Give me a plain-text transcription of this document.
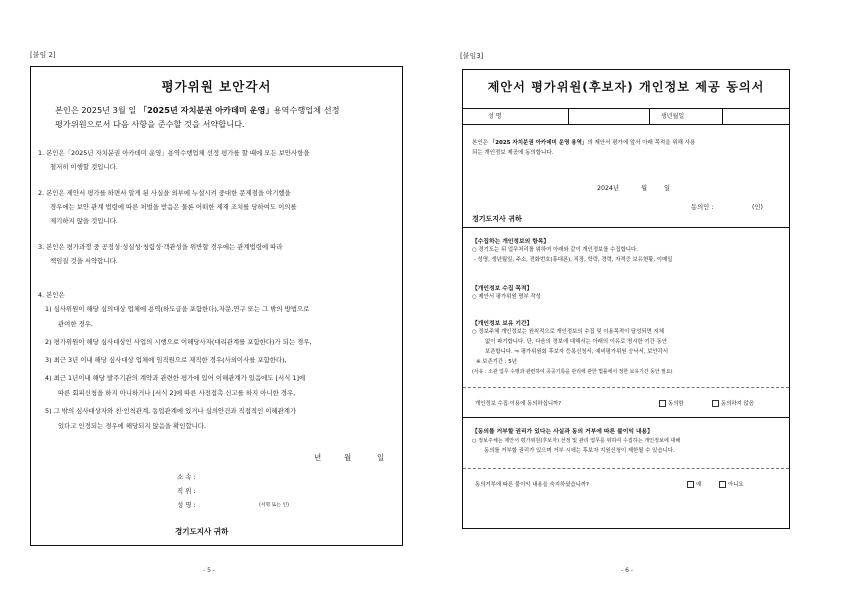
[붙임 2]
평가위원 보안각서
본인은 2025년 3월 일 「2025년 자치분권 아카데미 운영」용역수행업체 선정
평가위원으로서 다음 사항을 준수할 것을 서약합니다.
1. 본인은「2025년 자치분권 아카데미 운영」용역수행업체 선정 평가를 할 때에 모든 보안사항을
철저히 이행할 것입니다.
2. 본인은 제안서 평가를 하면서 알게 된 사실을 외부에 누설시켜 중대한 문제점을 야기했을
경우에는 보안 관계 법령에 따른 처벌을 받음은 물론 어떠한 제재 조치를 당하여도 이의를
제기하지 않을 것입니다.
3. 본인은 평가과정 중 공정성·성실성·청렴성·객관성을 위반할 경우에는 관계법령에 따라
책임질 것을 서약합니다.
4. 본인은
1) 심사위원이 해당 심의대상 업체에 용역(하도급을 포함한다),자문,연구 또는 그 밖의 방법으로
관여한 경우,
2) 평가위원이 해당 심사대상인 사업의 시행으로 이해당사자(대리관계를 포함한다)가 되는 경우,
3) 최근 3년 이내 해당 심사대상 업체에 임직원으로 재직한 경우(사외이사를 포함한다),
4) 최근 1년이내 해당 발주기관의 계약과 관련한 평가에 있어 이해관계가 있음에도 [서식 1]에
따른 회피신청을 하지 아니하거나 [서식 2]에 따른 사전접촉 신고를 하지 아니한 경우,
5) 그 밖의 심사대상자와 친·인척관계, 동업관계에 있거나 심의안건과 직접적인 이해관계가
있다고 인정되는 경우에 해당되지 않음을 확인합니다.
년	월	일
소 속 :
직 위 :
성 명 :	(서명 또는 인)
경기도지사 귀하
- 5 -
[붙임3]
제안서 평가위원(후보자) 개인정보 제공 동의서
성 명	생년월일
본인은 「2025 자치분권 아카데미 운영 용역」의 제안서 평가에 앞서 아래 목적을 위해 사용
되는 개인정보 제공에 동의합니다.
2024년	월	일
동의인 :	(인)
경기도지사 귀하
【수집하는 개인정보의 항목】
○ 경기도는 뒤 업무처리를 위하여 아래와 같이 개인정보를 수집합니다.
- 성명, 생년월일, 주소, 전화번호(휴대폰), 직장, 학력, 경력, 자격증 보유현황, 이메일
【개인정보 수집 목적】
○ 제안서 평가위원 명부 작성
【개인정보 보유 기간】
○ 정보주체 개인정보는 원칙적으로 개인정보의 수집 및 이용목적이 달성되면 지체
없이 파기합니다. 단, 다음의 정보에 대해서는 아래의 이유로 명시한 기간 동안
보존합니다. ⇒ 평가위원회 후보자 등록신청서, 예비평가위원 승낙서, 보안각서
※ 보존기간 : 5년
(사유 : 소관 업무 수행과 관련하여 공공기록을 관리에 관한 법률에서 정한 보유기간 동안 필요)
개인정보 수집·이용에 동의하십니까?	동의함	동의하지 않음
【동의를 거부할 권리가 있다는 사실과 동의 거부에 따른 불이익 내용】
○ 정보주체는 제안서 평가위원(후보자) 선정 및 관리 업무를 위하여 수집하는 개인정보에 대해
동의를 거부할 권리가 있으며 거부 시에는 후보자 지원신청이 제한될 수 있습니다.
동의거부에 따른 불이익 내용을 숙지하셨습니까?	예	아니요
- 6 -
